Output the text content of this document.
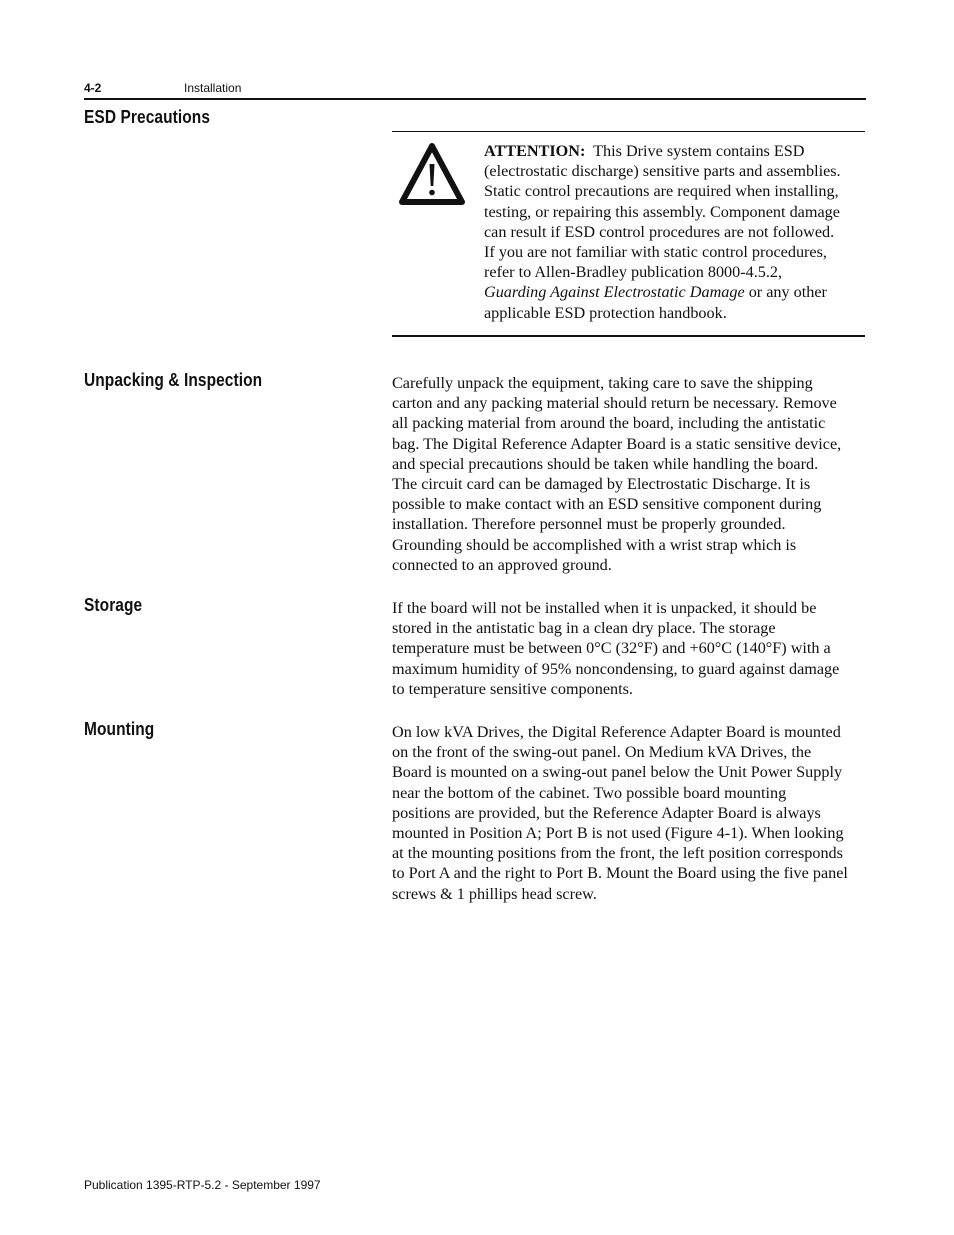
4-2	Installation
ESD Precautions
ATTENTION: This Drive system contains ESD
(electrostatic discharge) sensitive parts and assemblies.
Static control precautions are required when installing,
testing, or repairing this assembly. Component damage
can result if ESD control procedures are not followed.
If you are not familiar with static control procedures,
refer to Allen-Bradley publication 8000-4.5.2,
Guarding Against Electrostatic Damage or any other
applicable ESD protection handbook.
Unpacking & Inspection	Carefully unpack the equipment, taking care to save the shipping
carton and any packing material should return be necessary. Remove
all packing material from around the board, including the antistatic
bag. The Digital Reference Adapter Board is a static sensitive device,
and special precautions should be taken while handling the board.
The circuit card can be damaged by Electrostatic Discharge. It is
possible to make contact with an ESD sensitive component during
installation. Therefore personnel must be properly grounded.
Grounding should be accomplished with a wrist strap which is
connected to an approved ground.
Storage	If the board will not be installed when it is unpacked, it should be
stored in the antistatic bag in a clean dry place. The storage
temperature must be between 0°C (32°F) and +60°C (140°F) with a
maximum humidity of 95% noncondensing, to guard against damage
to temperature sensitive components.
Mounting	On low kVA Drives, the Digital Reference Adapter Board is mounted
on the front of the swing-out panel. On Medium kVA Drives, the
Board is mounted on a swing-out panel below the Unit Power Supply
near the bottom of the cabinet. Two possible board mounting
positions are provided, but the Reference Adapter Board is always
mounted in Position A; Port B is not used (Figure 4-1). When looking
at the mounting positions from the front, the left position corresponds
to Port A and the right to Port B. Mount the Board using the five panel
screws & 1 phillips head screw.
Publication 1395-RTP-5.2 - September 1997
